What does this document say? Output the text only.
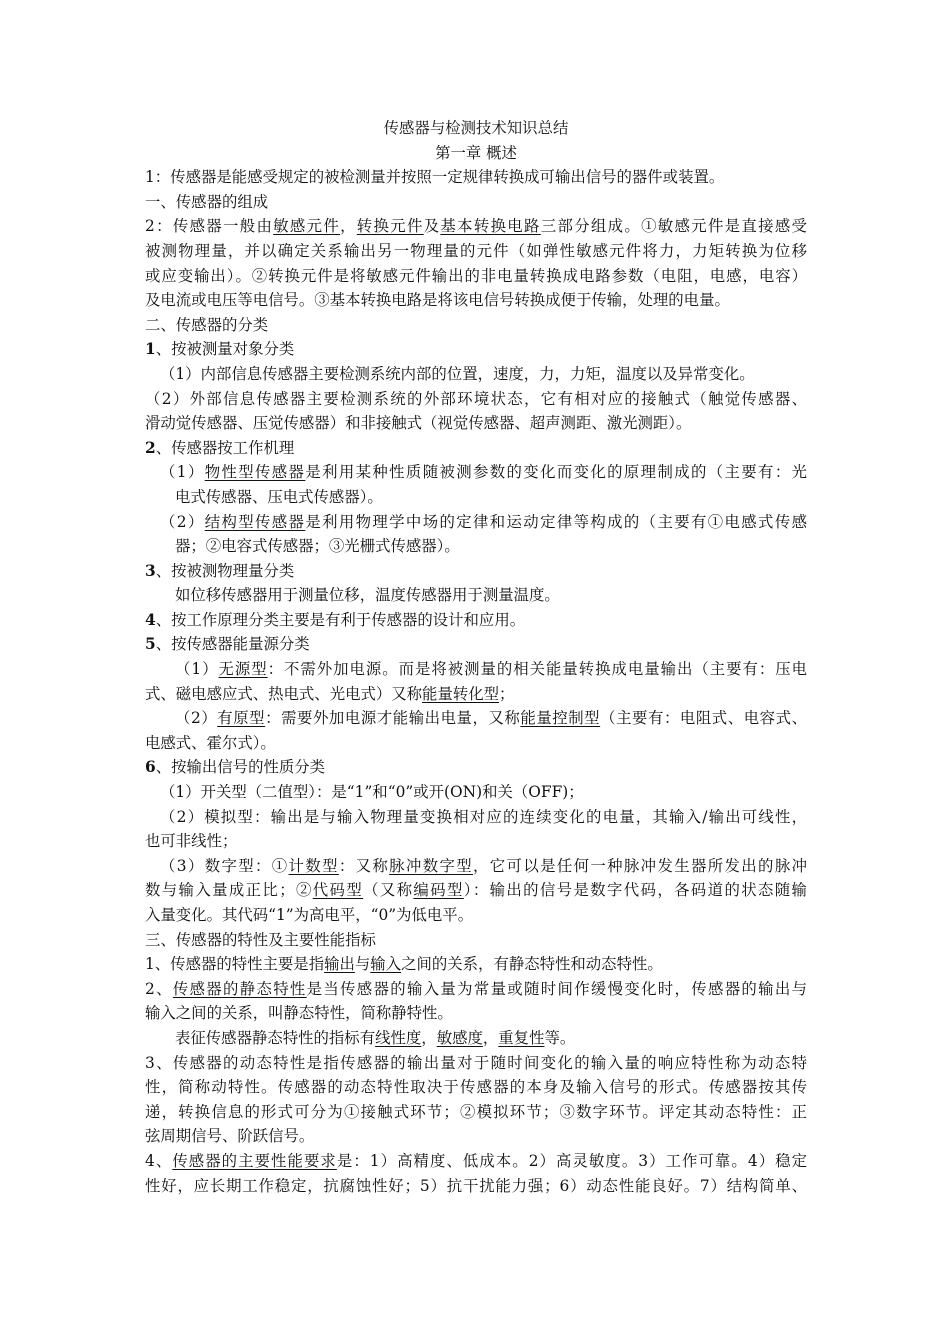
传感器与检测技术知识总结
第一章 概述
1：传感器是能感受规定的被检测量并按照一定规律转换成可输出信号的器件或装置。
一、传感器的组成
2：传感器一般由敏感元件，转换元件及基本转换电路三部分组成。①敏感元件是直接感受
被测物理量，并以确定关系输出另一物理量的元件（如弹性敏感元件将力，力矩转换为位移
或应变输出）。②转换元件是将敏感元件输出的非电量转换成电路参数（电阻，电感，电容）
及电流或电压等电信号。③基本转换电路是将该电信号转换成便于传输，处理的电量。
二、传感器的分类
1、按被测量对象分类
（1）内部信息传感器主要检测系统内部的位置，速度，力，力矩，温度以及异常变化。
（2）外部信息传感器主要检测系统的外部环境状态，它有相对应的接触式（触觉传感器、
滑动觉传感器、压觉传感器）和非接触式（视觉传感器、超声测距、激光测距）。
2、传感器按工作机理
（1）物性型传感器是利用某种性质随被测参数的变化而变化的原理制成的（主要有：光
电式传感器、压电式传感器）。
（2）结构型传感器是利用物理学中场的定律和运动定律等构成的（主要有①电感式传感
器；②电容式传感器；③光栅式传感器）。
3、按被测物理量分类
如位移传感器用于测量位移，温度传感器用于测量温度。
4、按工作原理分类主要是有利于传感器的设计和应用。
5、按传感器能量源分类
（1）无源型：不需外加电源。而是将被测量的相关能量转换成电量输出（主要有：压电
式、磁电感应式、热电式、光电式）又称能量转化型；
（2）有原型：需要外加电源才能输出电量，又称能量控制型（主要有：电阻式、电容式、
电感式、霍尔式）。
6、按输出信号的性质分类
（1）开关型（二值型）：是“1”和“0”或开(ON)和关（OFF)；
（2）模拟型：输出是与输入物理量变换相对应的连续变化的电量，其输入/输出可线性，
也可非线性；
（3）数字型：①计数型：又称脉冲数字型，它可以是任何一种脉冲发生器所发出的脉冲
数与输入量成正比；②代码型（又称编码型）：输出的信号是数字代码，各码道的状态随输
入量变化。其代码“1”为高电平，“0”为低电平。
三、传感器的特性及主要性能指标
1、传感器的特性主要是指输出与输入之间的关系，有静态特性和动态特性。
2、传感器的静态特性是当传感器的输入量为常量或随时间作缓慢变化时，传感器的输出与
输入之间的关系，叫静态特性，简称静特性。
表征传感器静态特性的指标有线性度，敏感度，重复性等。
3、传感器的动态特性是指传感器的输出量对于随时间变化的输入量的响应特性称为动态特
性，简称动特性。传感器的动态特性取决于传感器的本身及输入信号的形式。传感器按其传
递，转换信息的形式可分为①接触式环节；②模拟环节；③数字环节。评定其动态特性：正
弦周期信号、阶跃信号。
4、传感器的主要性能要求是：1）高精度、低成本。2）高灵敏度。3）工作可靠。4）稳定
性好，应长期工作稳定，抗腐蚀性好；5）抗干扰能力强；6）动态性能良好。7）结构简单、
